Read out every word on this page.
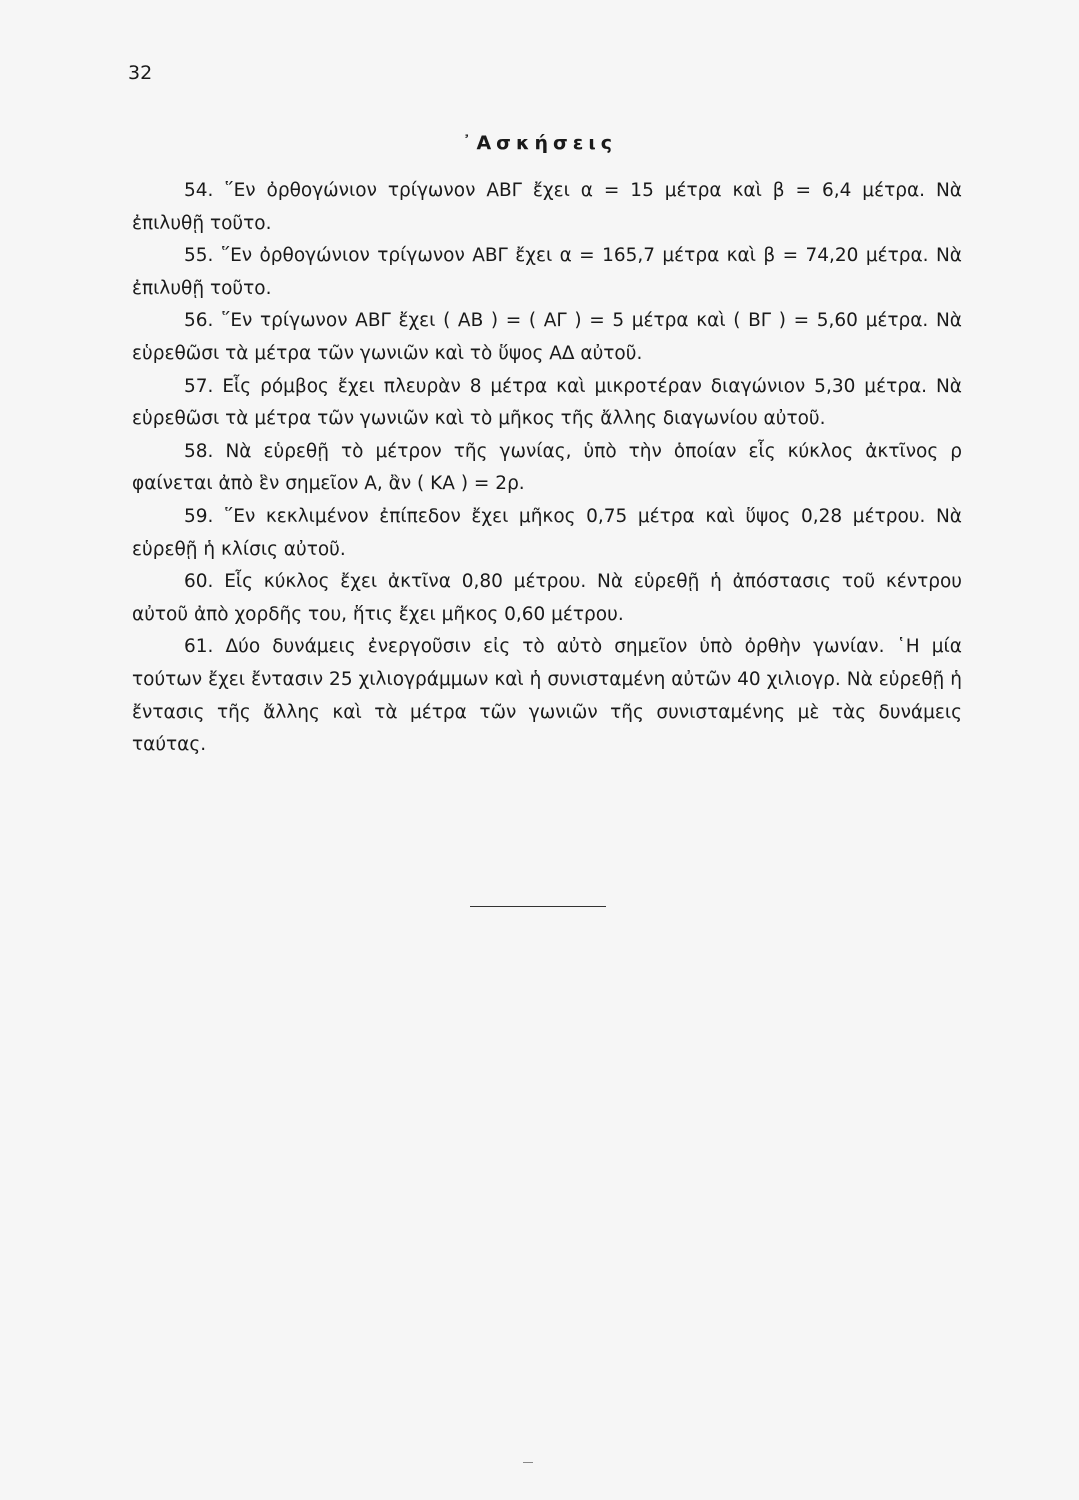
32
᾿Ασκήσεις

54. ῞Εν ὀρθογώνιον τρίγωνον ΑΒΓ ἔχει α = 15 μέτρα καὶ β = 6,4 μέτρα. Νὰ ἐπιλυθῇ τοῦτο.

55. ῞Εν ὀρθογώνιον τρίγωνον ΑΒΓ ἔχει α = 165,7 μέτρα καὶ β = 74,20 μέτρα. Νὰ ἐπιλυθῇ τοῦτο.

56. ῞Εν τρίγωνον ΑΒΓ ἔχει ( ΑΒ ) = ( ΑΓ ) = 5 μέτρα καὶ ( ΒΓ ) = 5,60 μέτρα. Νὰ εὑρεθῶσι τὰ μέτρα τῶν γωνιῶν καὶ τὸ ὕψος ΑΔ αὐτοῦ.

57. Εἷς ρόμβος ἔχει πλευρὰν 8 μέτρα καὶ μικροτέραν διαγώνιον 5,30 μέτρα. Νὰ εὑρεθῶσι τὰ μέτρα τῶν γωνιῶν καὶ τὸ μῆκος τῆς ἄλλης διαγωνίου αὐτοῦ.

58. Νὰ εὑρεθῇ τὸ μέτρον τῆς γωνίας, ὑπὸ τὴν ὁποίαν εἷς κύκλος ἀκτῖνος ρ φαίνεται ἀπὸ ἓν σημεῖον Α, ἂν ( ΚΑ ) = 2ρ.

59. ῞Εν κεκλιμένον ἐπίπεδον ἔχει μῆκος 0,75 μέτρα καὶ ὕψος 0,28 μέτρου. Νὰ εὑρεθῇ ἡ κλίσις αὐτοῦ.

60. Εἷς κύκλος ἔχει ἀκτῖνα 0,80 μέτρου. Νὰ εὑρεθῇ ἡ ἀπόστασις τοῦ κέντρου αὐτοῦ ἀπὸ χορδῆς του, ἥτις ἔχει μῆκος 0,60 μέτρου.

61. Δύο δυνάμεις ἐνεργοῦσιν εἰς τὸ αὐτὸ σημεῖον ὑπὸ ὀρθὴν γωνίαν. ῾Η μία τούτων ἔχει ἔντασιν 25 χιλιογράμμων καὶ ἡ συνισταμένη αὐτῶν 40 χιλιογρ. Νὰ εὑρεθῇ ἡ ἔντασις τῆς ἄλλης καὶ τὰ μέτρα τῶν γωνιῶν τῆς συνισταμένης μὲ τὰς δυνάμεις ταύτας.
